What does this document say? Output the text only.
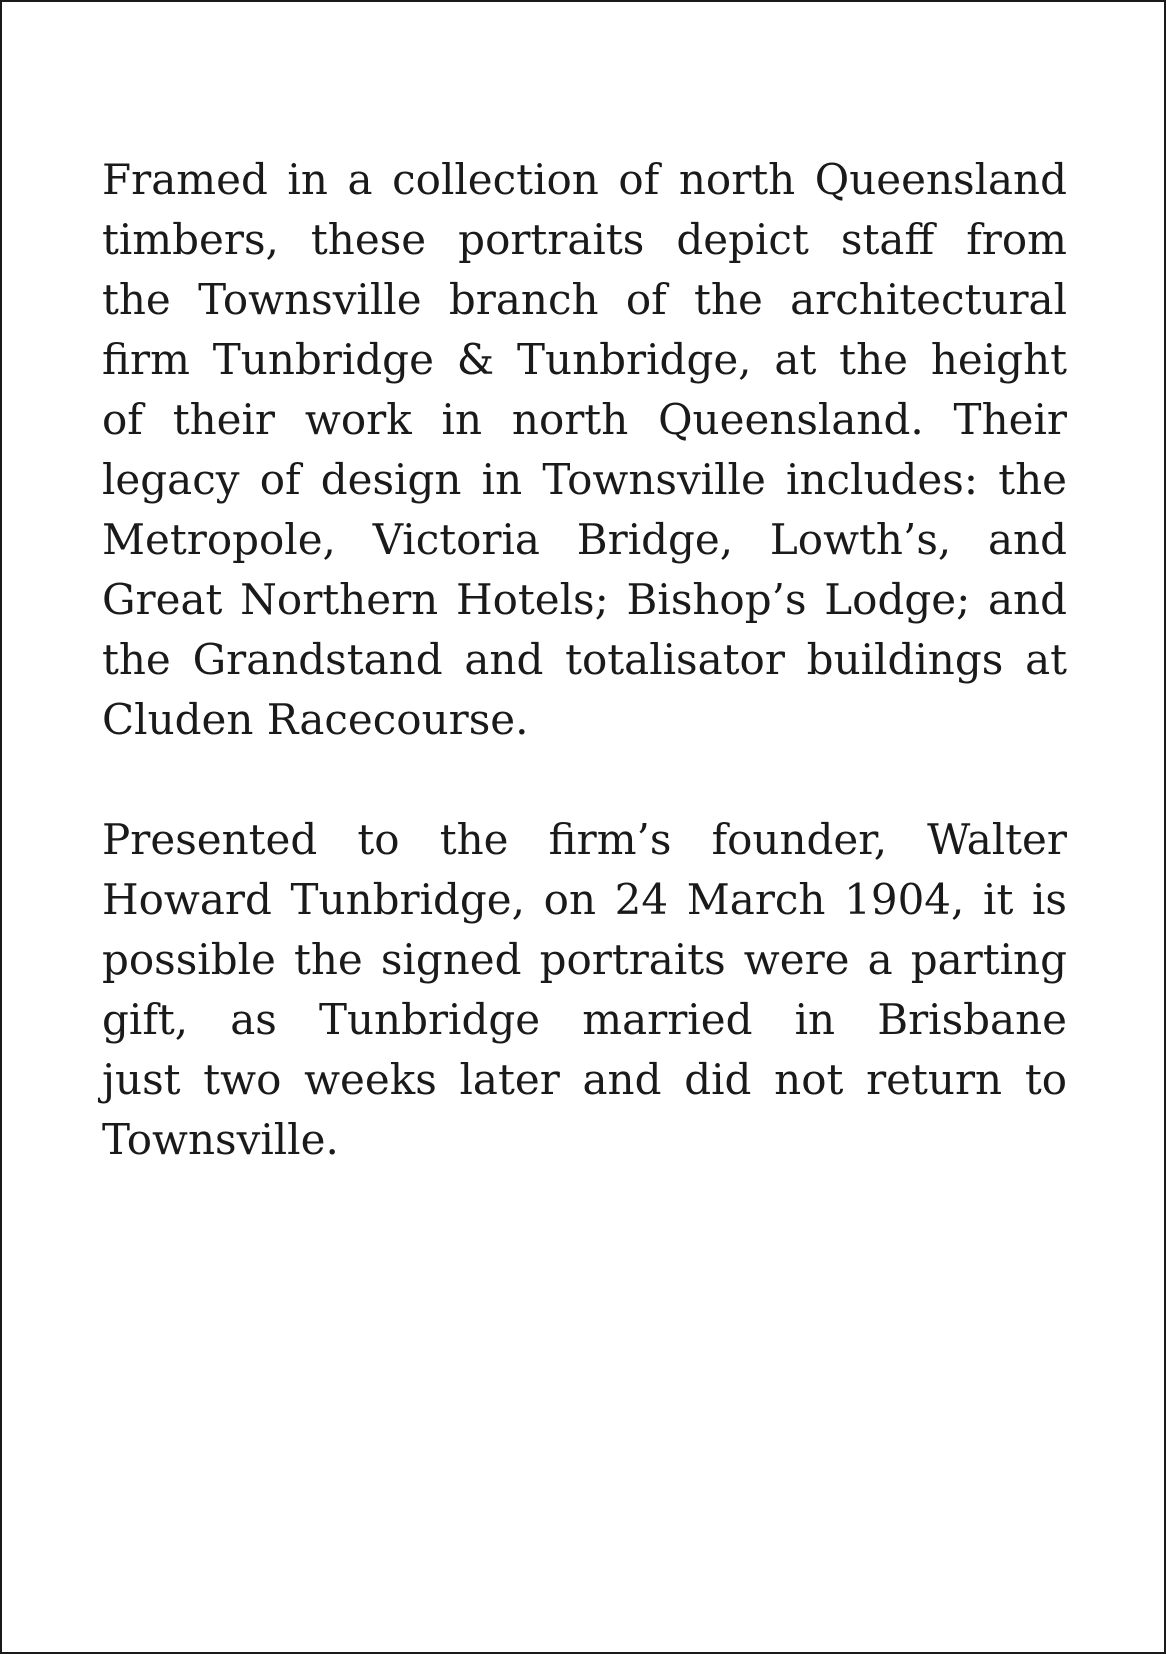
Framed in a collection of north Queensland
timbers, these portraits depict staff from
the Townsville branch of the architectural
firm Tunbridge & Tunbridge, at the height
of their work in north Queensland. Their
legacy of design in Townsville includes: the
Metropole, Victoria Bridge, Lowth’s, and
Great Northern Hotels; Bishop’s Lodge; and
the Grandstand and totalisator buildings at
Cluden Racecourse.

Presented to the firm’s founder, Walter
Howard Tunbridge, on 24 March 1904, it is
possible the signed portraits were a parting
gift, as Tunbridge married in Brisbane
just two weeks later and did not return to
Townsville.
